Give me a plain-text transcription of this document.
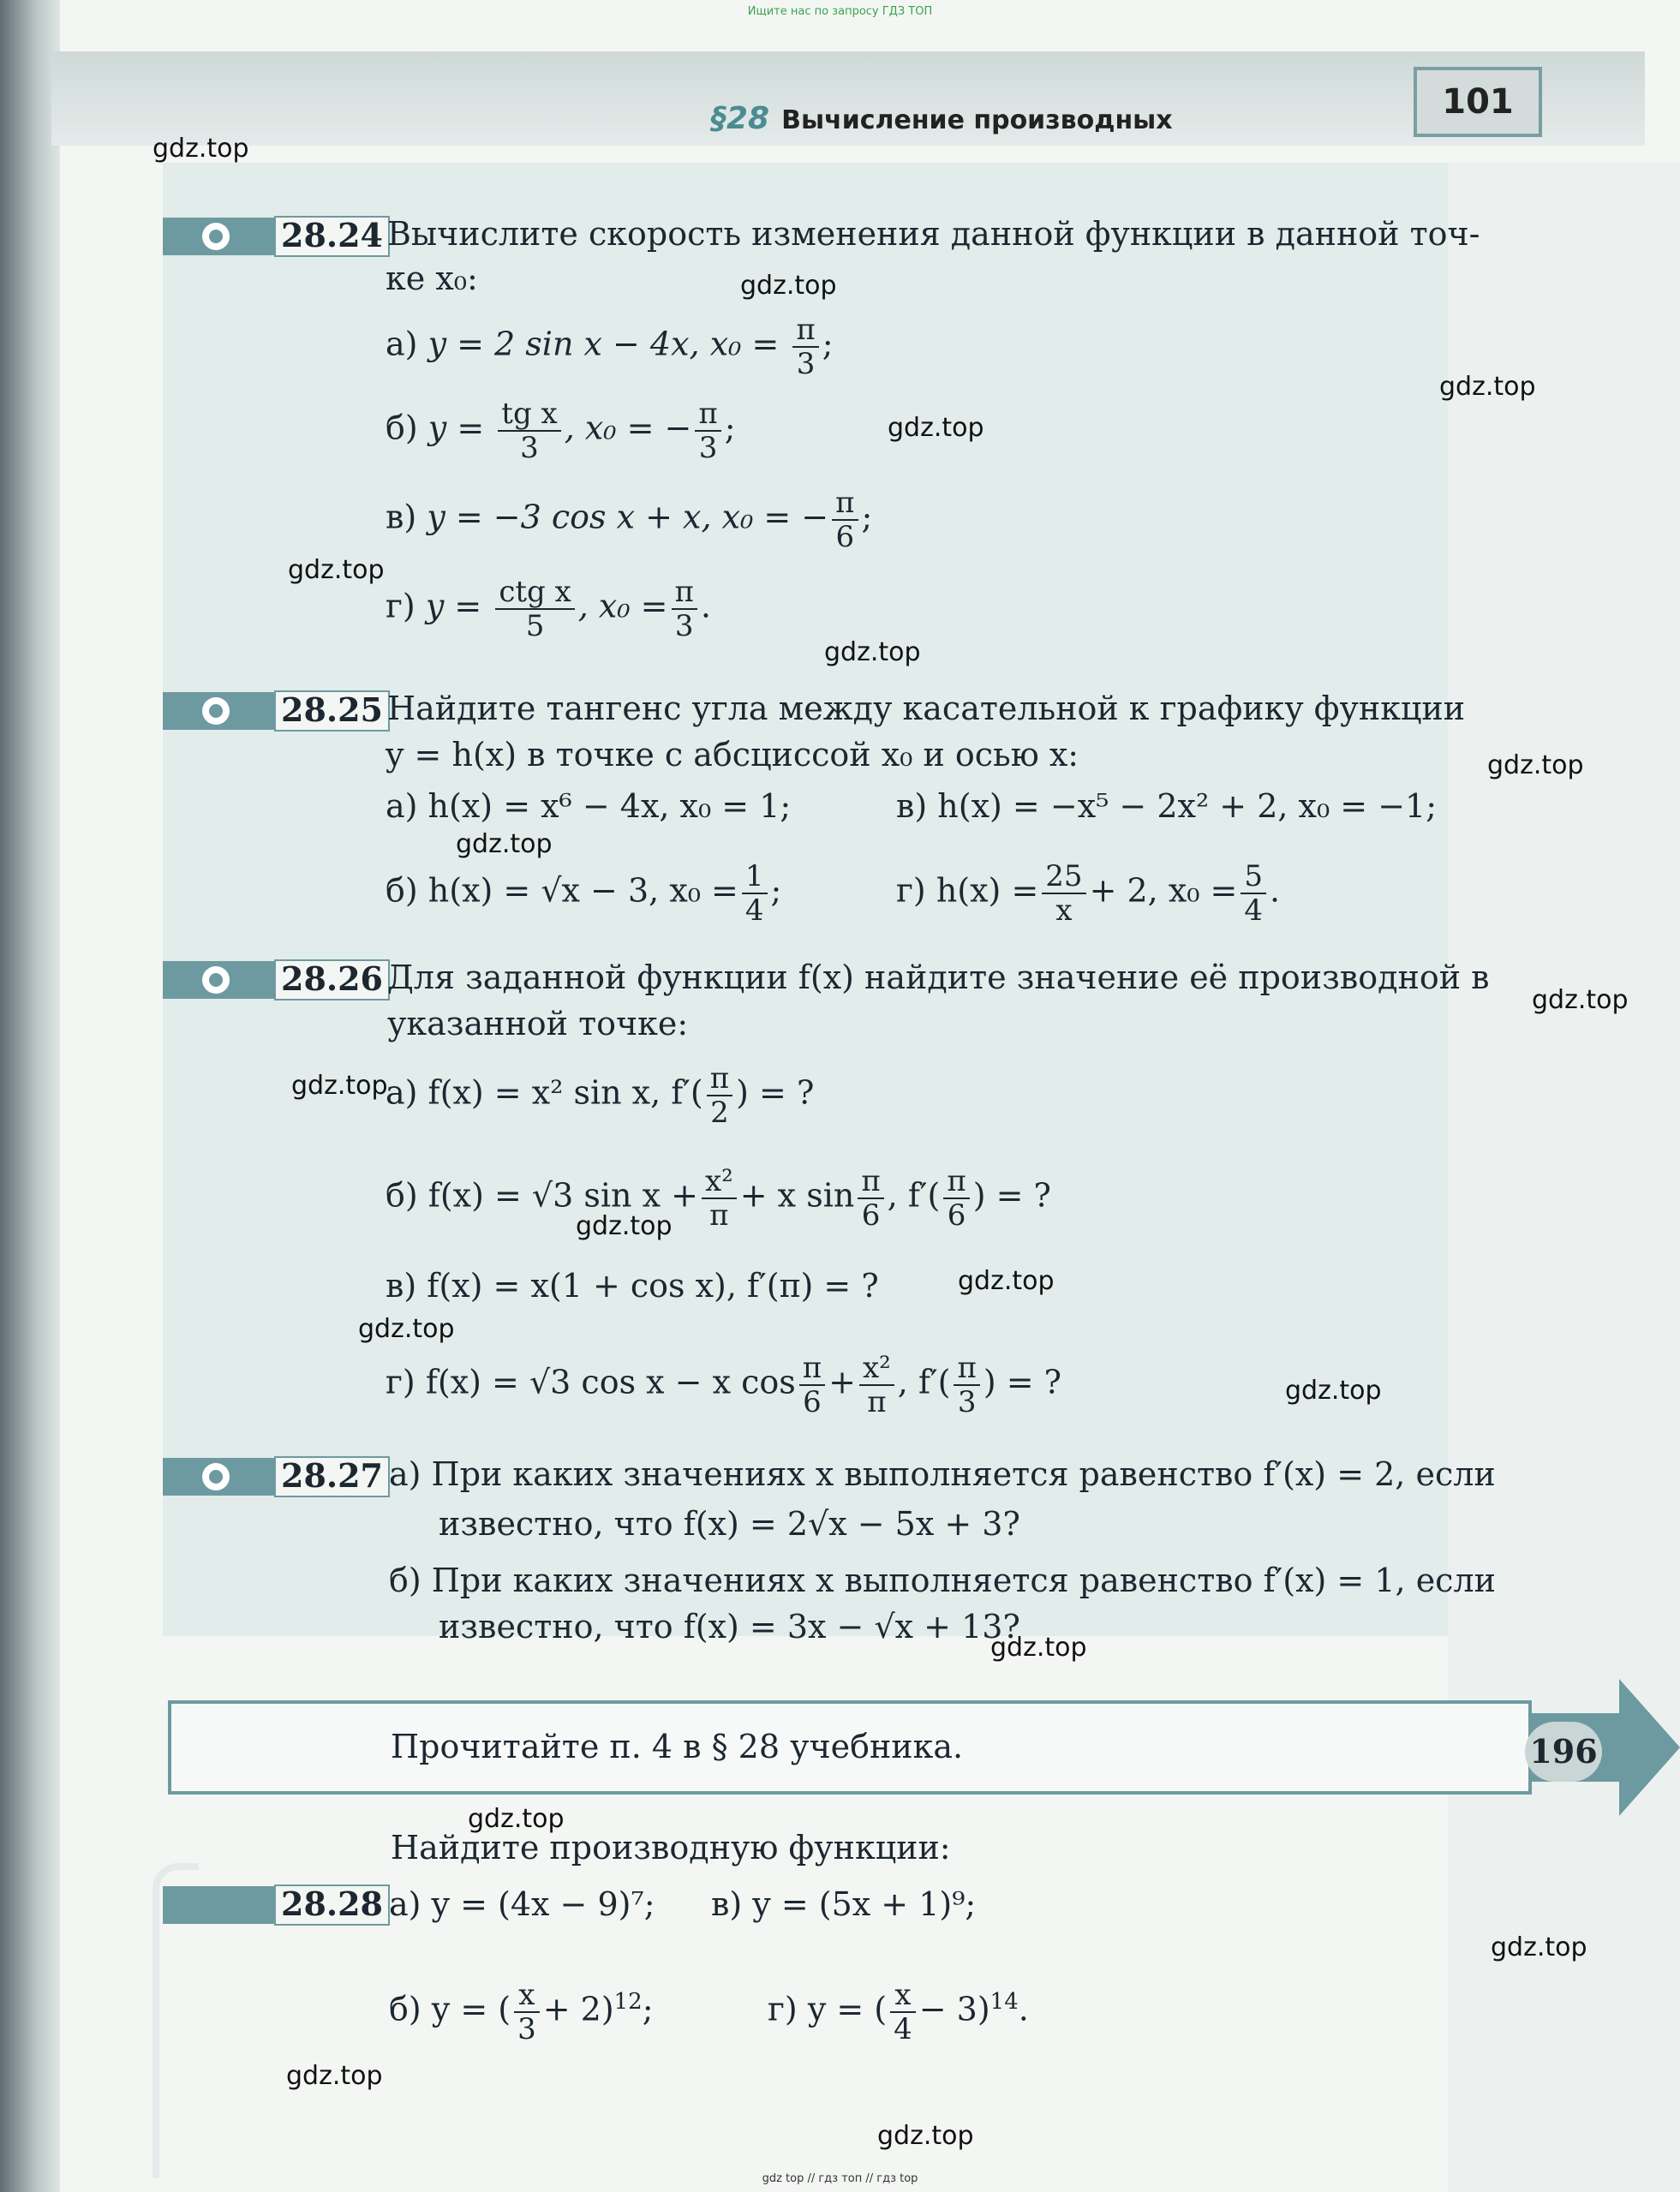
Ищите нас по запросу ГДЗ ТОП
§28 Вычисление производных	101
gdz.top
gdz.top
gdz.top
gdz.top
gdz.top
gdz.top
gdz.top
gdz.top
gdz.top
gdz.top
gdz.top
gdz.top
gdz.top
gdz.top
gdz.top
gdz.top
gdz.top
gdz.top
gdz.top
28.24 Вычислите скорость изменения данной функции в данной точ-
ке x₀:
а) y = 2 sin x − 4x, $x_0 = \frac{\pi}{3}$ ;
б) $y = \frac{\text{tg x}}{3}$ , x₀ = − $\frac{\pi}{3}$ ;
в) y = −3 cos x + x, x₀ = − $\frac{\pi}{6}$ ;
г) y = ctg x
5
, $x_0 = \frac{\pi}{3}$ .
28.25 Найдите тангенс угла между касательной к графику функции
y = h(x) в точке с абсциссой x₀ и осью x:
а) h(x) = x⁶ − 4x, x₀ = 1;	в) h(x) = −x⁵ − 2x² + 2, x₀ = −1;
б) h(x) = √x − 3, $x_0 = \frac{1}{4}$ ;	г) $h(x) = \frac{25}{x} + 2$, $x_0 = \frac{5}{4}$ .
28.26 Для заданной функции f(x) найдите значение её производной в
указанной точке:
а) f(x) = x² sin x, $f'( \frac{\pi}{2}$ ) = ?
б) f(x) = √3 $\sin x + \frac{\text{x²}}{\pi} + x$ $\sin \frac{\pi}{6}$ , $f'( \frac{\pi}{6}$ ) = ?
в) f(x) = x(1 + cos x), f′(π) = ?
г) f(x) = √3 cos x − x $\cos \frac{\pi}{6} + \frac{\text{x²}}{\pi}$ , $f'( \frac{\pi}{3}$ ) = ?
28.27 а) При каких значениях x выполняется равенство f′(x) = 2, если
известно, что f(x) = 2√x − 5x + 3?
б) При каких значениях x выполняется равенство f′(x) = 1, если
известно, что f(x) = 3x − √x + 13?
Прочитайте п. 4 в § 28 учебника.	196
Найдите производную функции:
28.28 а) y = (4x − 9)⁷; в) y = (5x + 1)⁹;
б) y = ( $\frac{x}{3} + 2)^{12}$;	г) y = ( $\frac{x}{4} - 3)^{14}$.
gdz top // гдз топ // гдз top
